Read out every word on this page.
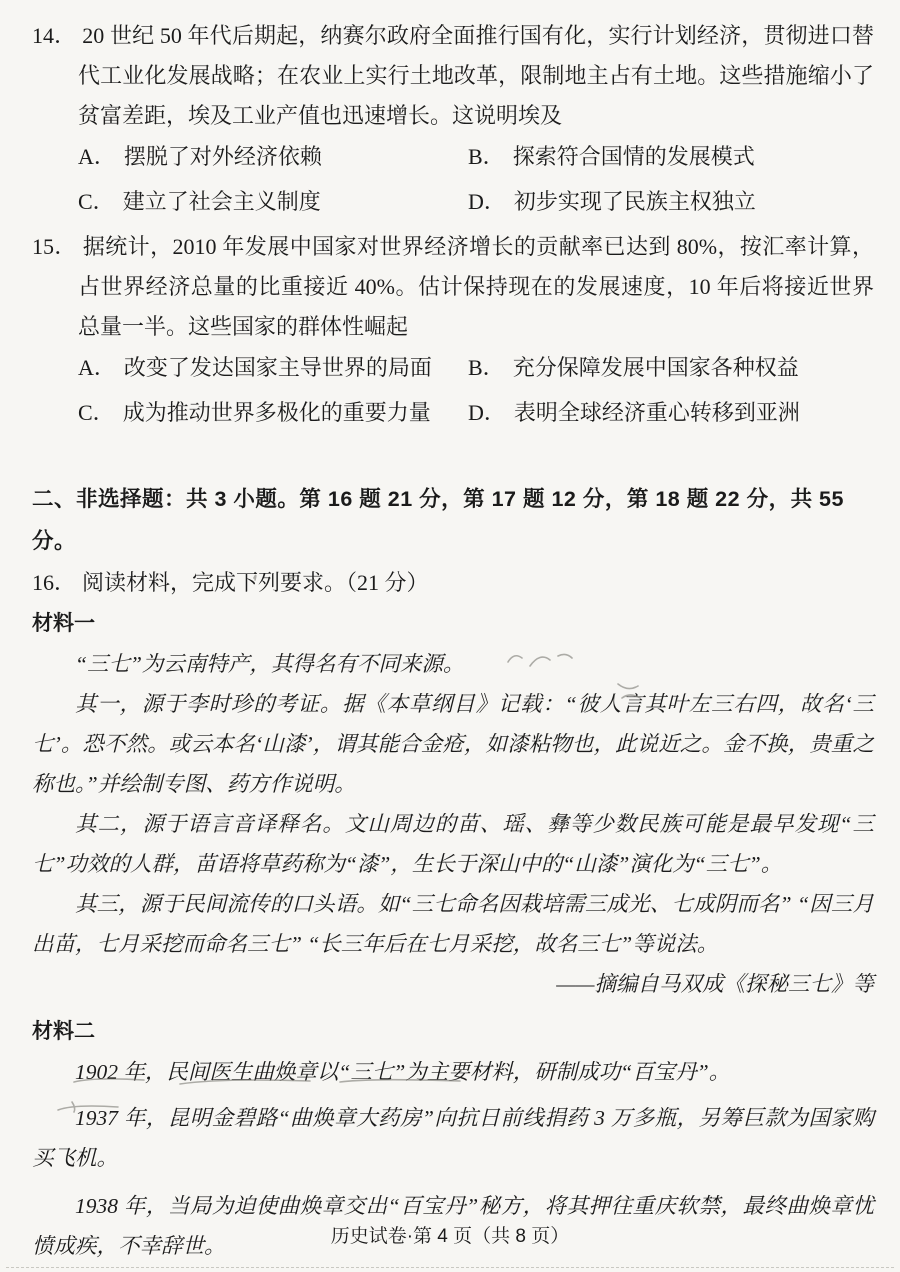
14． 20 世纪 50 年代后期起，纳赛尔政府全面推行国有化，实行计划经济，贯彻进口替代工业化发展战略；在农业上实行土地改革，限制地主占有土地。这些措施缩小了贫富差距，埃及工业产值也迅速增长。这说明埃及

A． 摆脱了对外经济依赖	B． 探索符合国情的发展模式
C． 建立了社会主义制度	D． 初步实现了民族主权独立

15． 据统计，2010 年发展中国家对世界经济增长的贡献率已达到 80%，按汇率计算，占世界经济总量的比重接近 40%。估计保持现在的发展速度，10 年后将接近世界总量一半。这些国家的群体性崛起

A． 改变了发达国家主导世界的局面	B． 充分保障发展中国家各种权益
C． 成为推动世界多极化的重要力量	D． 表明全球经济重心转移到亚洲

二、非选择题：共 3 小题。第 16 题 21 分，第 17 题 12 分，第 18 题 22 分，共 55 分。

16． 阅读材料，完成下列要求。（21 分）

材料一

“三七”为云南特产，其得名有不同来源。

其一，源于李时珍的考证。据《本草纲目》记载：“彼人言其叶左三右四，故名‘三七’。恐不然。或云本名‘山漆’，谓其能合金疮，如漆粘物也，此说近之。金不换，贵重之称也。”并绘制专图、药方作说明。

其二，源于语言音译释名。文山周边的苗、瑶、彝等少数民族可能是最早发现“三七”功效的人群，苗语将草药称为“漆”，生长于深山中的“山漆”演化为“三七”。

其三，源于民间流传的口头语。如“三七命名因栽培需三成光、七成阴而名” “因三月出苗，七月采挖而命名三七” “长三年后在七月采挖，故名三七”等说法。

——摘编自马双成《探秘三七》等

材料二

1902 年，民间医生曲焕章以“三七”为主要材料，研制成功“百宝丹”。

1937 年，昆明金碧路“曲焕章大药房”向抗日前线捐药 3 万多瓶，另筹巨款为国家购买飞机。

1938 年，当局为迫使曲焕章交出“百宝丹”秘方，将其押往重庆软禁，最终曲焕章忧愤成疾，不幸辞世。	历史试卷·第 4 页（共 8 页）
